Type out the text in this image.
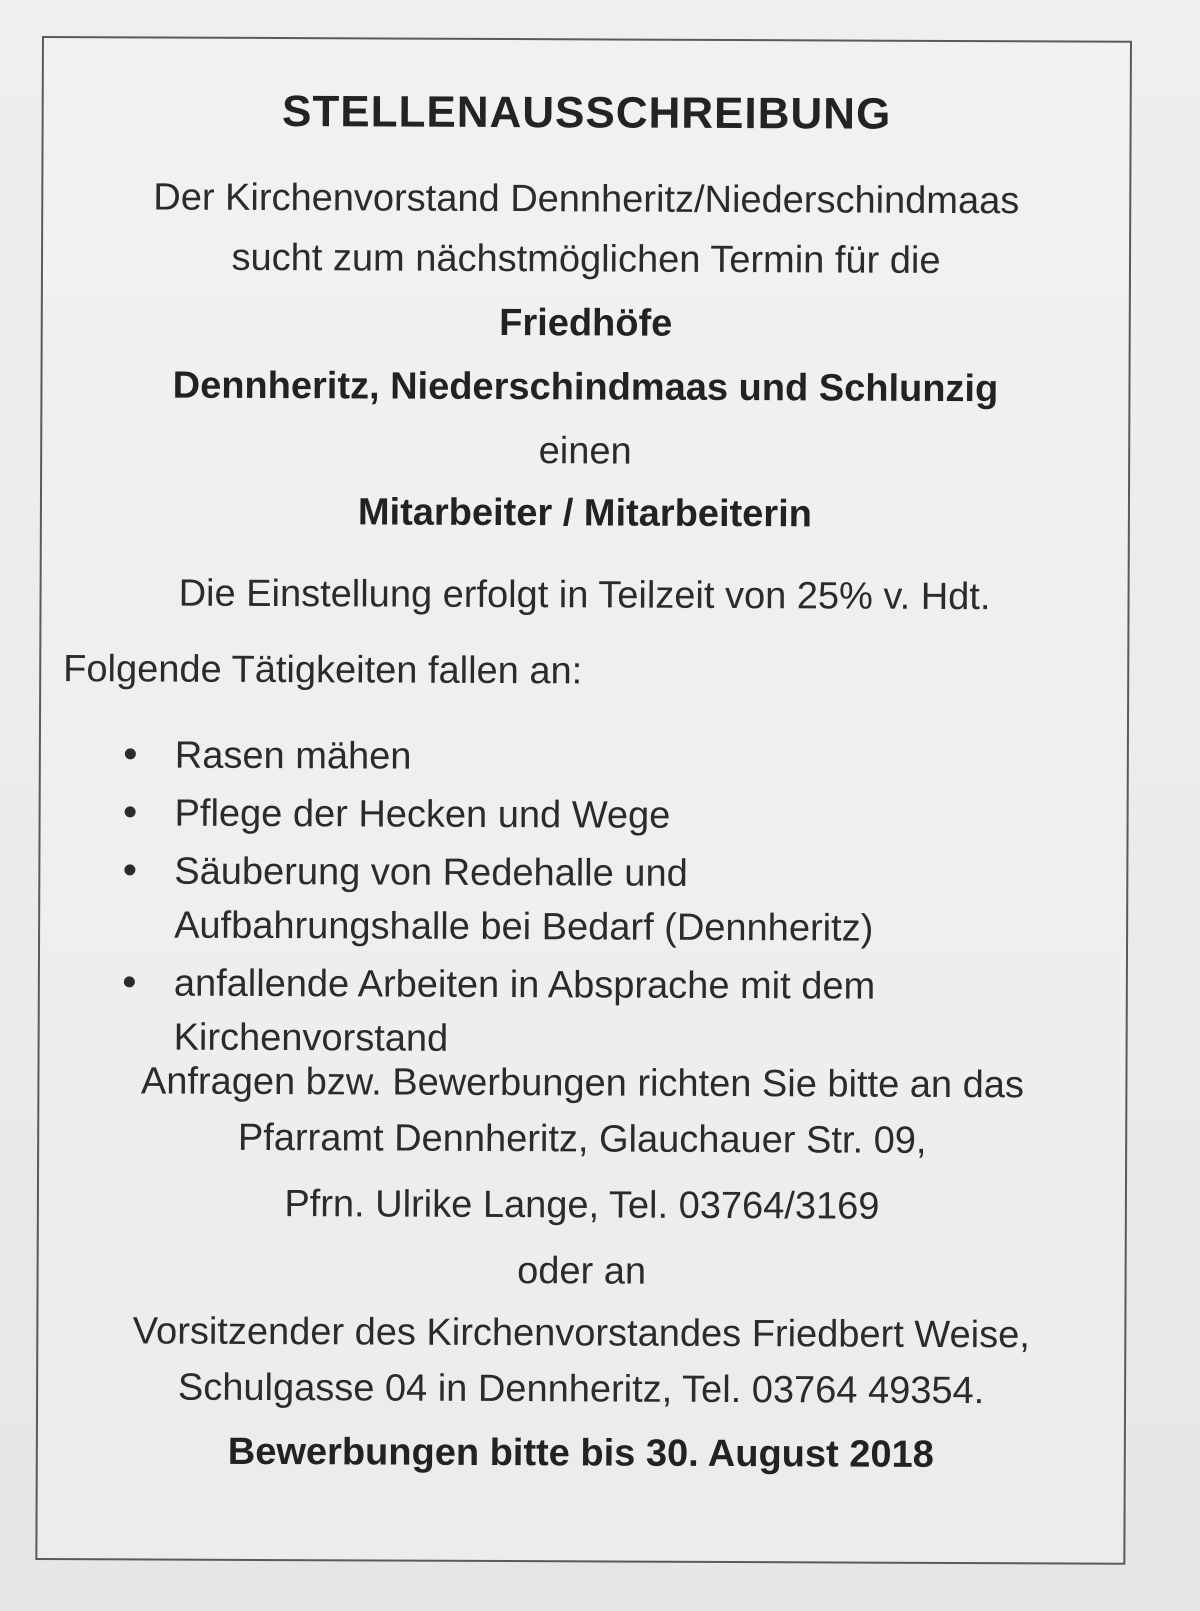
STELLENAUSSCHREIBUNG
Der Kirchenvorstand Dennheritz/Niederschindmaas
sucht zum nächstmöglichen Termin für die
Friedhöfe
Dennheritz, Niederschindmaas und Schlunzig
einen
Mitarbeiter / Mitarbeiterin
Die Einstellung erfolgt in Teilzeit von 25% v. Hdt.
Folgende Tätigkeiten fallen an:
Rasen mähen
Pflege der Hecken und Wege
Säuberung von Redehalle und
Aufbahrungshalle bei Bedarf (Dennheritz)
anfallende Arbeiten in Absprache mit dem
Kirchenvorstand
Anfragen bzw. Bewerbungen richten Sie bitte an das
Pfarramt Dennheritz, Glauchauer Str. 09,
Pfrn. Ulrike Lange, Tel. 03764/3169
oder an
Vorsitzender des Kirchenvorstandes Friedbert Weise,
Schulgasse 04 in Dennheritz, Tel. 03764 49354.
Bewerbungen bitte bis 30. August 2018
